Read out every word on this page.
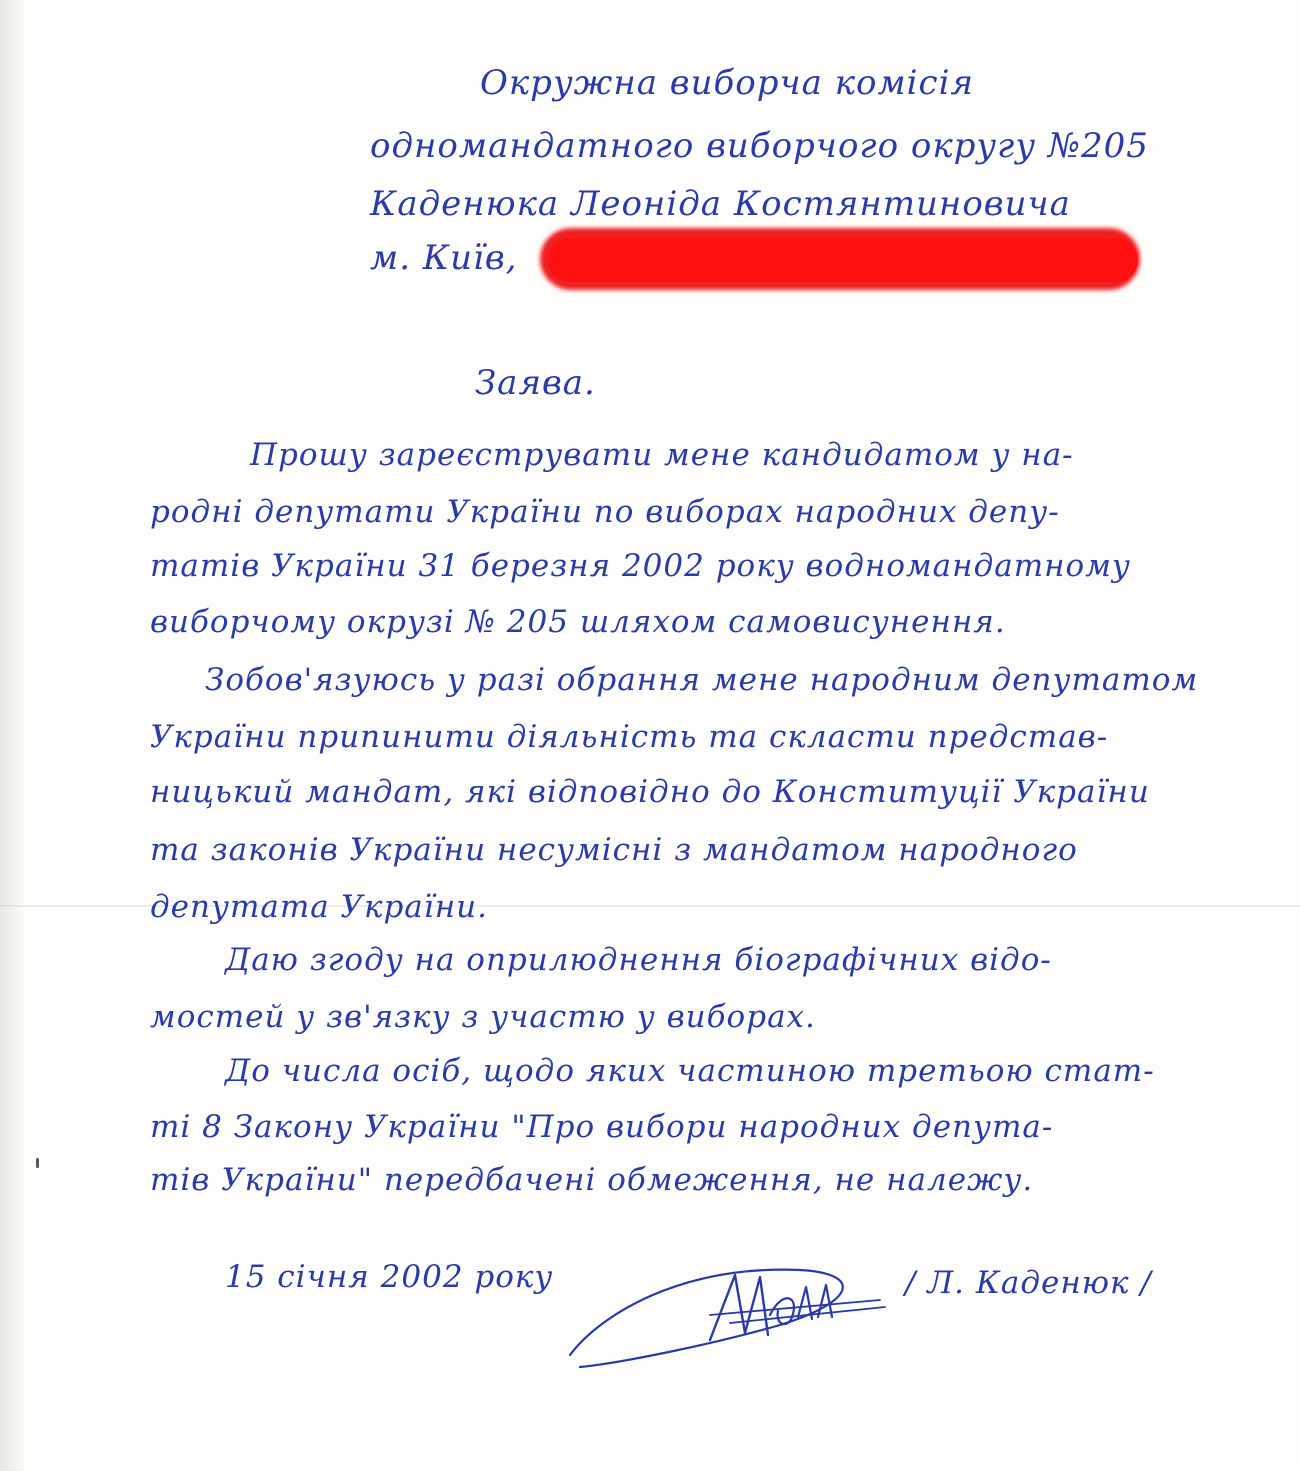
Окружна виборча комісія
одномандатного виборчого округу №205
Каденюка Леоніда Костянтиновича
м. Київ,
Заява.
Прошу зареєструвати мене кандидатом у на-
родні депутати України по виборах народних депу-
татів України 31 березня 2002 року водномандатному
виборчому окрузі № 205 шляхом самовисунення.
Зобов'язуюсь у разі обрання мене народним депутатом
України припинити діяльність та скласти представ-
ницький мандат, які відповідно до Конституції України
та законів України несумісні з мандатом народного
депутата України.
Даю згоду на оприлюднення біографічних відо-
мостей у зв'язку з участю у виборах.
До числа осіб, щодо яких частиною третьою стат-
ті 8 Закону України "Про вибори народних депута-
тів України" передбачені обмеження, не належу.
15 січня 2002 року	/ Л. Каденюк /
